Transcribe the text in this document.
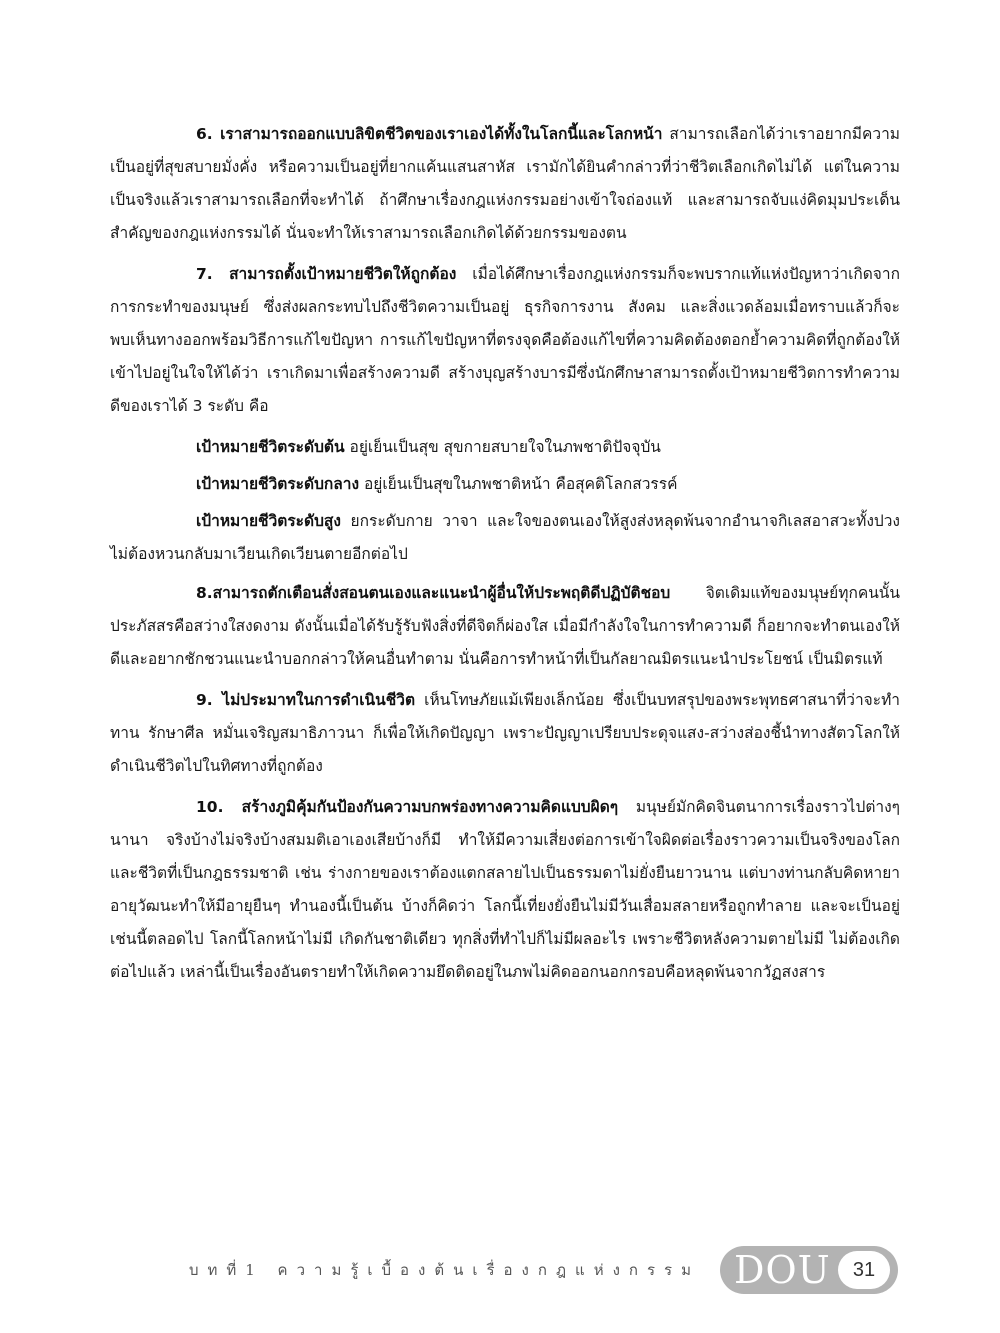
6. เราสามารถออกแบบลิขิตชีวิตของเราเองได้ทั้งในโลกนี้และโลกหน้า สามารถเลือกได้ว่าเราอยากมีความเป็นอยู่ที่สุขสบายมั่งคั่ง หรือความเป็นอยู่ที่ยากแค้นแสนสาหัส เรามักได้ยินคำกล่าวที่ว่าชีวิตเลือกเกิดไม่ได้ แต่ในความเป็นจริงแล้วเราสามารถเลือกที่จะทำได้ ถ้าศึกษาเรื่องกฎแห่งกรรมอย่างเข้าใจถ่องแท้ และสามารถจับแง่คิดมุมประเด็นสำคัญของกฎแห่งกรรมได้ นั่นจะทำให้เราสามารถเลือกเกิดได้ด้วยกรรมของตน

7. สามารถตั้งเป้าหมายชีวิตให้ถูกต้อง เมื่อได้ศึกษาเรื่องกฎแห่งกรรมก็จะพบรากแท้แห่งปัญหาว่าเกิดจากการกระทำของมนุษย์ ซึ่งส่งผลกระทบไปถึงชีวิตความเป็นอยู่ ธุรกิจการงาน สังคม และสิ่งแวดล้อมเมื่อทราบแล้วก็จะพบเห็นทางออกพร้อมวิธีการแก้ไขปัญหา การแก้ไขปัญหาที่ตรงจุดคือต้องแก้ไขที่ความคิดต้องตอกย้ำความคิดที่ถูกต้องให้เข้าไปอยู่ในใจให้ได้ว่า เราเกิดมาเพื่อสร้างความดี สร้างบุญสร้างบารมีซึ่งนักศึกษาสามารถตั้งเป้าหมายชีวิตการทำความดีของเราได้ 3 ระดับ คือ

เป้าหมายชีวิตระดับต้น อยู่เย็นเป็นสุข สุขกายสบายใจในภพชาติปัจจุบัน

เป้าหมายชีวิตระดับกลาง อยู่เย็นเป็นสุขในภพชาติหน้า คือสุคติโลกสวรรค์

เป้าหมายชีวิตระดับสูง ยกระดับกาย วาจา และใจของตนเองให้สูงส่งหลุดพ้นจากอำนาจกิเลสอาสวะทั้งปวง ไม่ต้องหวนกลับมาเวียนเกิดเวียนตายอีกต่อไป

8.สามารถตักเตือนสั่งสอนตนเองและแนะนำผู้อื่นให้ประพฤติดีปฏิบัติชอบ จิตเดิมแท้ของมนุษย์ทุกคนนั้นประภัสสรคือสว่างใสงดงาม ดังนั้นเมื่อได้รับรู้รับฟังสิ่งที่ดีจิตก็ผ่องใส เมื่อมีกำลังใจในการทำความดี ก็อยากจะทำตนเองให้ดีและอยากชักชวนแนะนำบอกกล่าวให้คนอื่นทำตาม นั่นคือการทำหน้าที่เป็นกัลยาณมิตรแนะนำประโยชน์ เป็นมิตรแท้

9. ไม่ประมาทในการดำเนินชีวิต เห็นโทษภัยแม้เพียงเล็กน้อย ซึ่งเป็นบทสรุปของพระพุทธศาสนาที่ว่าจะทำทาน รักษาศีล หมั่นเจริญสมาธิภาวนา ก็เพื่อให้เกิดปัญญา เพราะปัญญาเปรียบประดุจแสง-สว่างส่องชี้นำทางสัตวโลกให้ดำเนินชีวิตไปในทิศทางที่ถูกต้อง

10. สร้างภูมิคุ้มกันป้องกันความบกพร่องทางความคิดแบบผิดๆ มนุษย์มักคิดจินตนาการเรื่องราวไปต่างๆ นานา จริงบ้างไม่จริงบ้างสมมติเอาเองเสียบ้างก็มี ทำให้มีความเสี่ยงต่อการเข้าใจผิดต่อเรื่องราวความเป็นจริงของโลกและชีวิตที่เป็นกฎธรรมชาติ เช่น ร่างกายของเราต้องแตกสลายไปเป็นธรรมดาไม่ยั่งยืนยาวนาน แต่บางท่านกลับคิดหายาอายุวัฒนะทำให้มีอายุยืนๆ ทำนองนี้เป็นต้น บ้างก็คิดว่า โลกนี้เที่ยงยั่งยืนไม่มีวันเสื่อมสลายหรือถูกทำลาย และจะเป็นอยู่เช่นนี้ตลอดไป โลกนี้โลกหน้าไม่มี เกิดกันชาติเดียว ทุกสิ่งที่ทำไปก็ไม่มีผลอะไร เพราะชีวิตหลังความตายไม่มี ไม่ต้องเกิดต่อไปแล้ว เหล่านี้เป็นเรื่องอันตรายทำให้เกิดความยึดติดอยู่ในภพไม่คิดออกนอกกรอบคือหลุดพ้นจากวัฏสงสาร

บทที่1 ความรู้เบื้องต้นเรื่องกฎแห่งกรรม DOU	31
